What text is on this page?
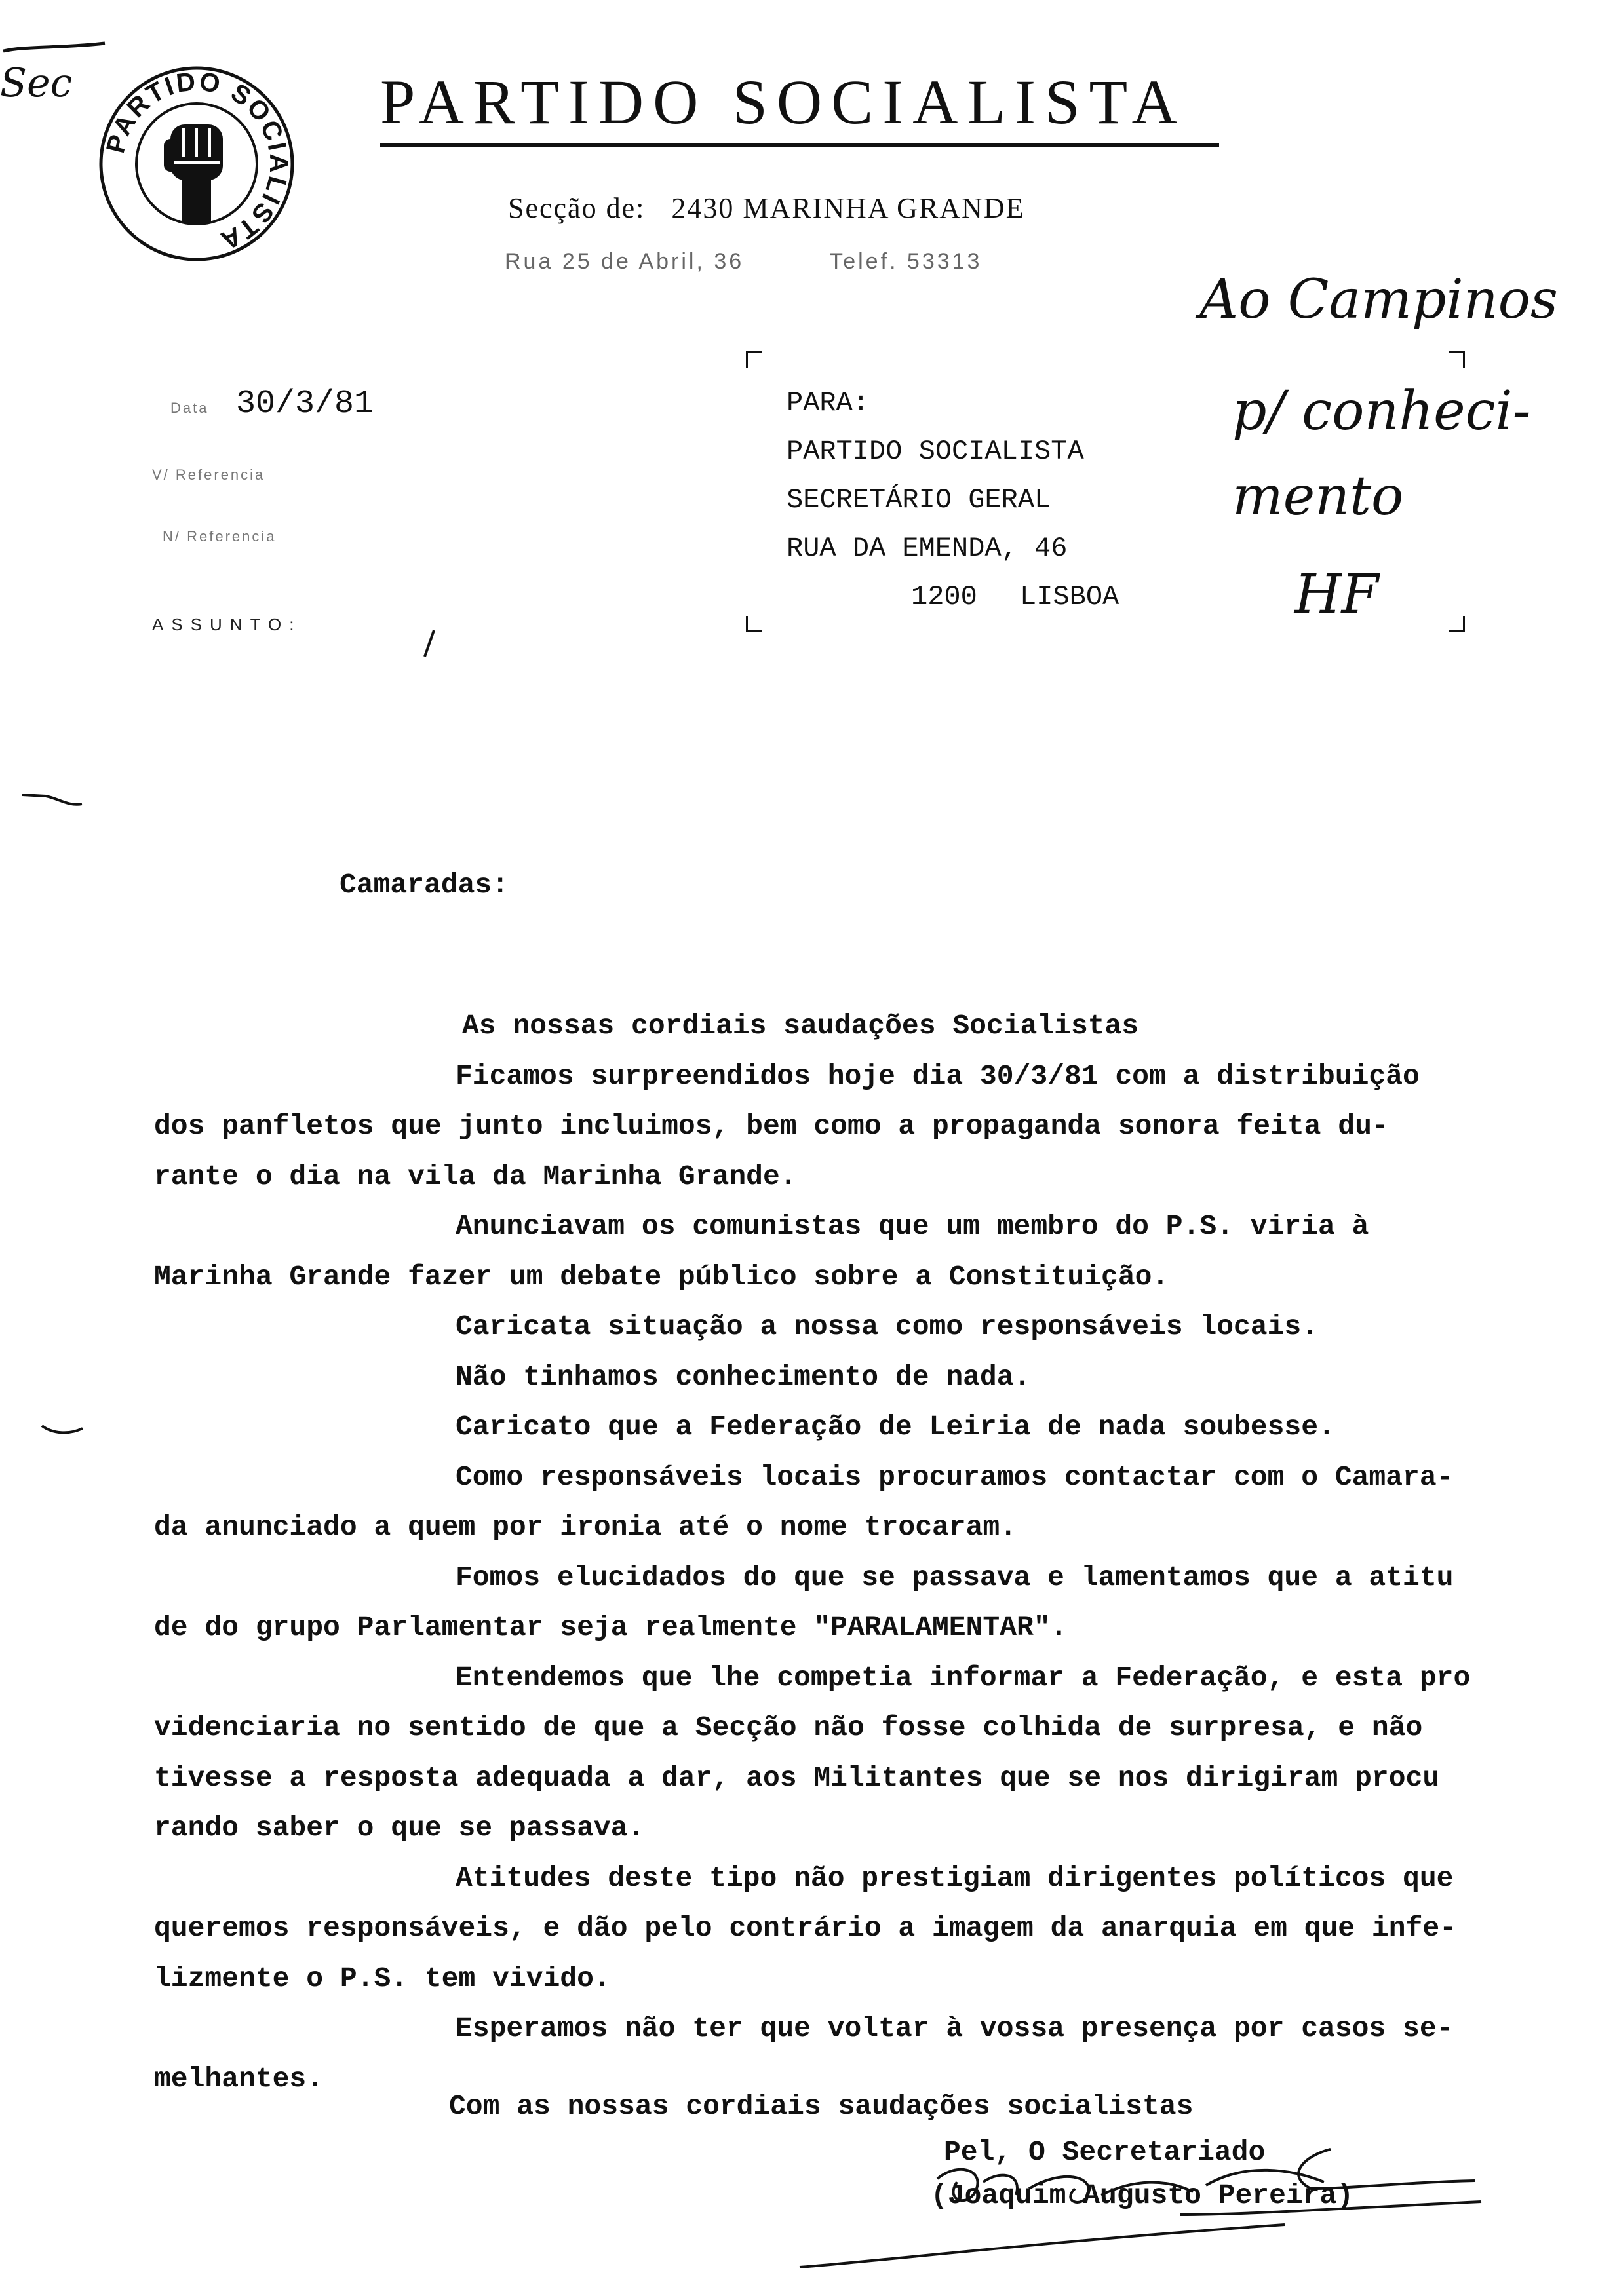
Sec
PARTIDO SOCIALISTA
PARTIDO SOCIALISTA
Secção de: 2430 MARINHA GRANDE
Rua 25 de Abril, 36	Telef. 53313
Data 30/3/81
V/ Referencia
N/ Referencia
ASSUNTO:
PARA:
PARTIDO SOCIALISTA
SECRETÁRIO GERAL
RUA DA EMENDA, 46
1200 LISBOA
Ao Campinos
p/ conheci-
mento
HF
Camaradas:
As nossas cordiais saudações Socialistas
Ficamos surpreendidos hoje dia 30/3/81 com a distribuição
dos panfletos que junto incluimos, bem como a propaganda sonora feita du-
rante o dia na vila da Marinha Grande.
Anunciavam os comunistas que um membro do P.S. viria à
Marinha Grande fazer um debate público sobre a Constituição.
Caricata situação a nossa como responsáveis locais.
Não tinhamos conhecimento de nada.
Caricato que a Federação de Leiria de nada soubesse.
Como responsáveis locais procuramos contactar com o Camara-
da anunciado a quem por ironia até o nome trocaram.
Fomos elucidados do que se passava e lamentamos que a atitu
de do grupo Parlamentar seja realmente "PARALAMENTAR".
Entendemos que lhe competia informar a Federação, e esta pro
videnciaria no sentido de que a Secção não fosse colhida de surpresa, e não
tivesse a resposta adequada a dar, aos Militantes que se nos dirigiram procu
rando saber o que se passava.
Atitudes deste tipo não prestigiam dirigentes políticos que
queremos responsáveis, e dão pelo contrário a imagem da anarquia em que infe-
lizmente o P.S. tem vivido.
Esperamos não ter que voltar à vossa presença por casos se-
melhantes.
Com as nossas cordiais saudações socialistas
Pel, O Secretariado
(Joaquim Augusto Pereira)
